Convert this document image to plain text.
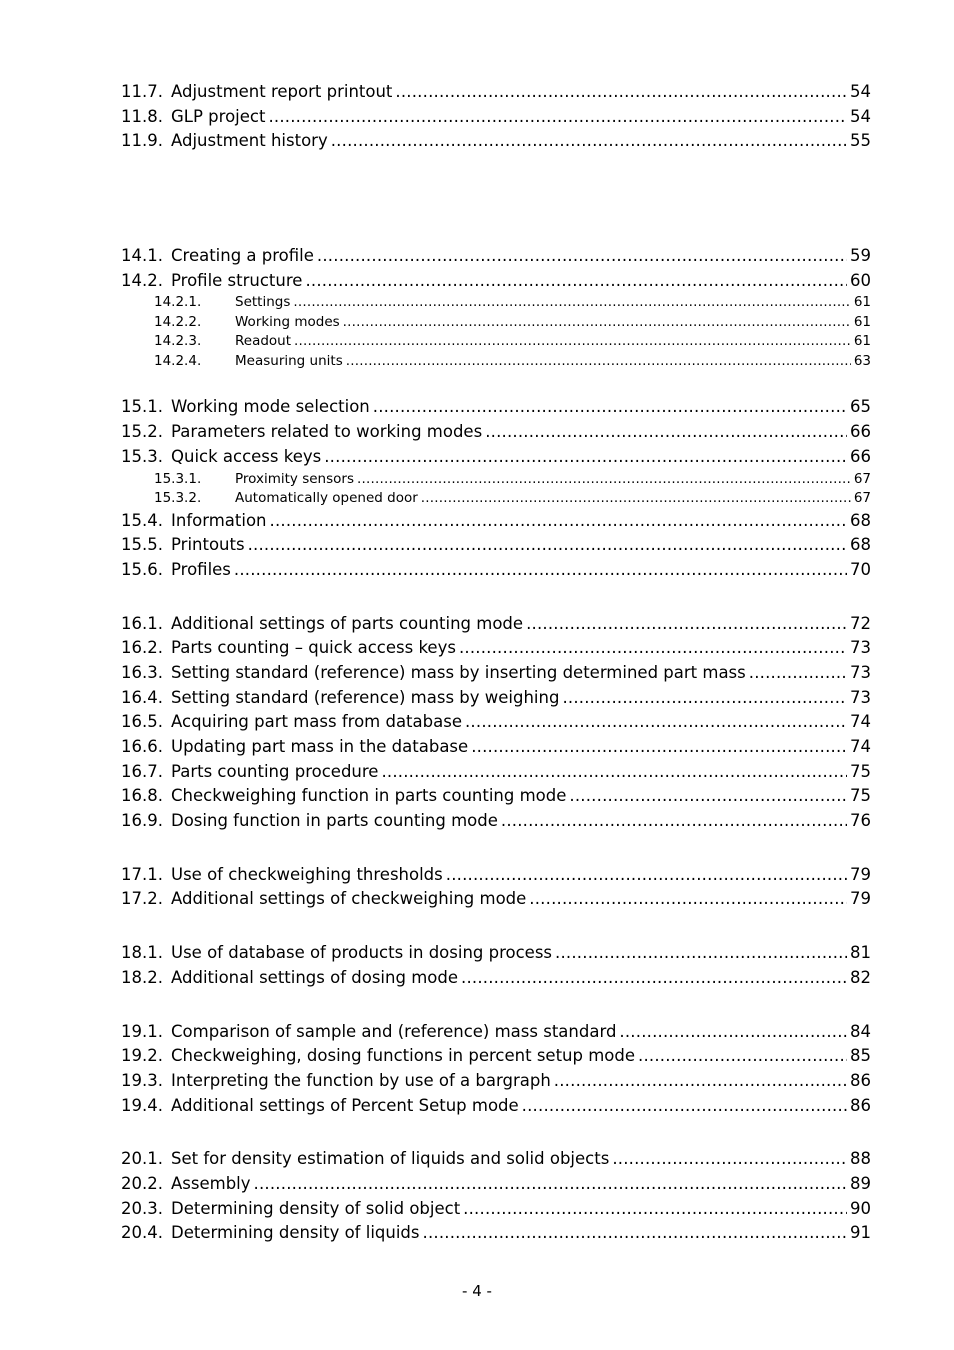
11.7. Adjustment report printout .....	54
11.8. GLP project .....	54
11.9. Adjustment history .....	55
14.1. Creating a profile .....	59
14.2. Profile structure .....	60
14.2.1.	Settings .....	61
14.2.2.	Working modes .....	61
14.2.3.	Readout .....	61
14.2.4.	Measuring units .....	63
15.1. Working mode selection .....	65
15.2. Parameters related to working modes .....	66
15.3. Quick access keys .....	66
15.3.1.	Proximity sensors .....	67
15.3.2.	Automatically opened door .....	67
15.4. Information .....	68
15.5. Printouts .....	68
15.6. Profiles .....	70
16.1. Additional settings of parts counting mode .....	72
16.2. Parts counting – quick access keys .....	73
16.3. Setting standard (reference) mass by inserting determined part mass .....	73
16.4. Setting standard (reference) mass by weighing .....	73
16.5. Acquiring part mass from database .....	74
16.6. Updating part mass in the database .....	74
16.7. Parts counting procedure .....	75
16.8. Checkweighing function in parts counting mode .....	75
16.9. Dosing function in parts counting mode .....	76
17.1. Use of checkweighing thresholds .....	79
17.2. Additional settings of checkweighing mode .....	79
18.1. Use of database of products in dosing process .....	81
18.2. Additional settings of dosing mode .....	82
19.1. Comparison of sample and (reference) mass standard .....	84
19.2. Checkweighing, dosing functions in percent setup mode .....	85
19.3. Interpreting the function by use of a bargraph .....	86
19.4. Additional settings of Percent Setup mode .....	86
20.1. Set for density estimation of liquids and solid objects .....	88
20.2. Assembly .....	89
20.3. Determining density of solid object .....	90
20.4. Determining density of liquids .....	91
- 4 -
